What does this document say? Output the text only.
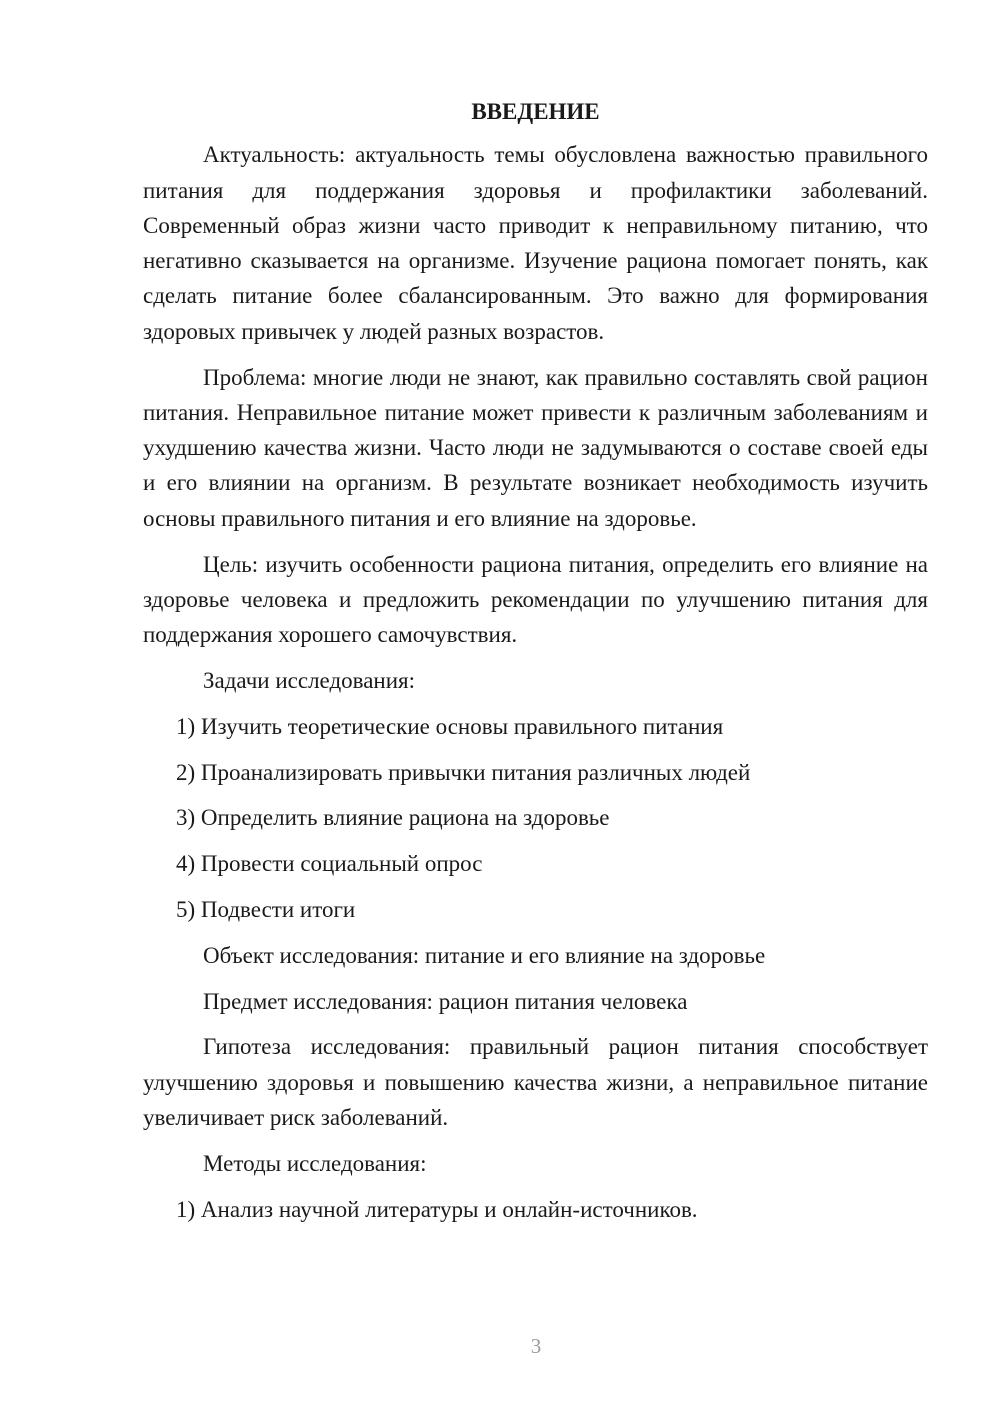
ВВЕДЕНИЕ
Актуальность: актуальность темы обусловлена важностью правильного питания для поддержания здоровья и профилактики заболеваний. Современный образ жизни часто приводит к неправильному питанию, что негативно сказывается на организме. Изучение рациона помогает понять, как сделать питание более сбалансированным. Это важно для формирования здоровых привычек у людей разных возрастов.
Проблема: многие люди не знают, как правильно составлять свой рацион питания. Неправильное питание может привести к различным заболеваниям и ухудшению качества жизни. Часто люди не задумываются о составе своей еды и его влиянии на организм. В результате возникает необходимость изучить основы правильного питания и его влияние на здоровье.
Цель: изучить особенности рациона питания, определить его влияние на здоровье человека и предложить рекомендации по улучшению питания для поддержания хорошего самочувствия.
Задачи исследования:
1) Изучить теоретические основы правильного питания
2) Проанализировать привычки питания различных людей
3) Определить влияние рациона на здоровье
4) Провести социальный опрос
5) Подвести итоги
Объект исследования: питание и его влияние на здоровье
Предмет исследования: рацион питания человека
Гипотеза исследования: правильный рацион питания способствует улучшению здоровья и повышению качества жизни, а неправильное питание увеличивает риск заболеваний.
Методы исследования:
1) Анализ научной литературы и онлайн-источников.
3
